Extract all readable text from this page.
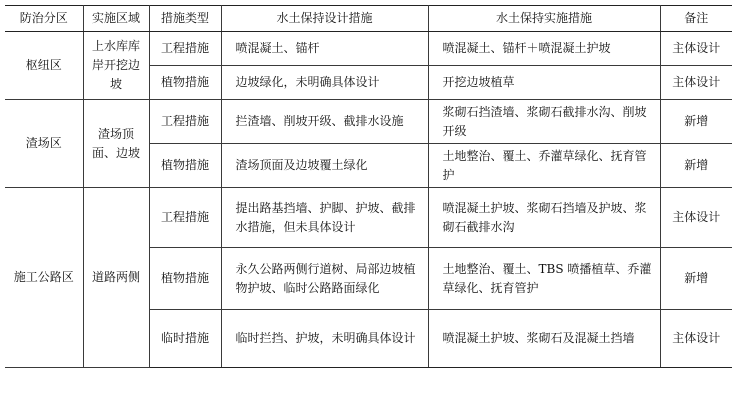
防治分区	实施区域	措施类型	水土保持设计措施	水土保持实施措施	备注
枢纽区	上水库库岸开挖边坡	工程措施	喷混凝土、锚杆	喷混凝土、锚杆＋喷混凝土护坡	主体设计
		植物措施	边坡绿化，未明确具体设计	开挖边坡植草	主体设计
渣场区	渣场顶面、边坡	工程措施	拦渣墙、削坡开级、截排水设施	浆砌石挡渣墙、浆砌石截排水沟、削坡开级	新增
		植物措施	渣场顶面及边坡覆土绿化	土地整治、覆土、乔灌草绿化、抚育管护	新增
施工公路区	道路两侧	工程措施	提出路基挡墙、护脚、护坡、截排水措施，但未具体设计	喷混凝土护坡、浆砌石挡墙及护坡、浆砌石截排水沟	主体设计
		植物措施	永久公路两侧行道树、局部边坡植物护坡、临时公路路面绿化	土地整治、覆土、TBS 喷播植草、乔灌草绿化、抚育管护	新增
		临时措施	临时拦挡、护坡，未明确具体设计	喷混凝土护坡、浆砌石及混凝土挡墙	主体设计
